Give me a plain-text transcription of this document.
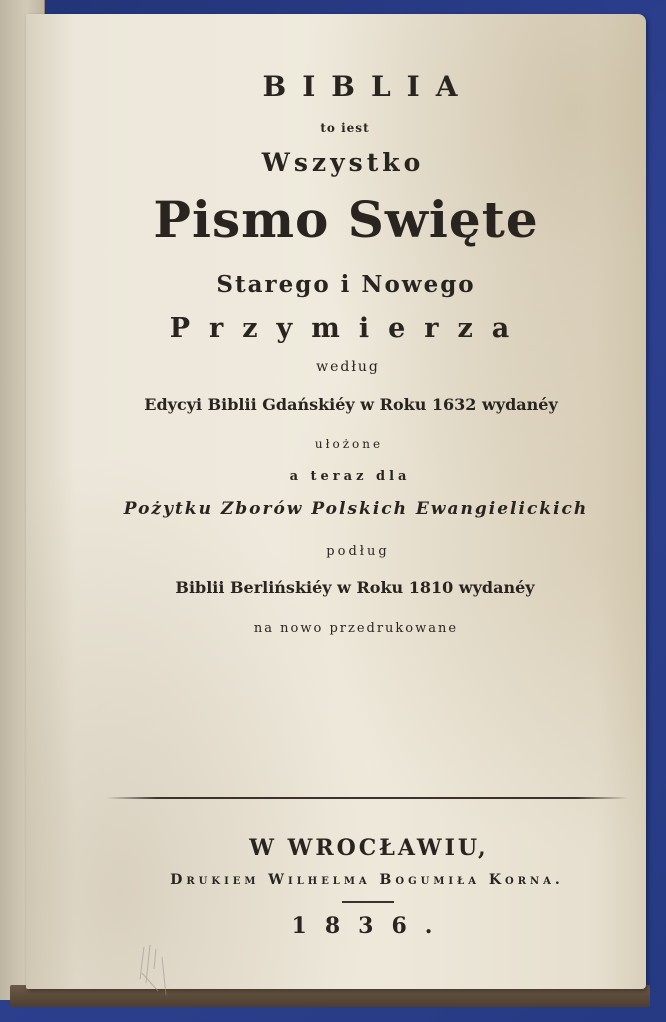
BIBLIA
to iest
Wszystko
Pismo Swięte
Starego i Nowego
Przymierza
według
Edycyi Biblii Gdańskiéy w Roku 1632 wydanéy
ułożone
a teraz dla
Pożytku Zborów Polskich Ewangielickich
podług
Biblii Berlińskiéy w Roku 1810 wydanéy
na nowo przedrukowane
W WROCŁAWIU,
Drukiem Wilhelma Bogumiła Korna.
1836.
